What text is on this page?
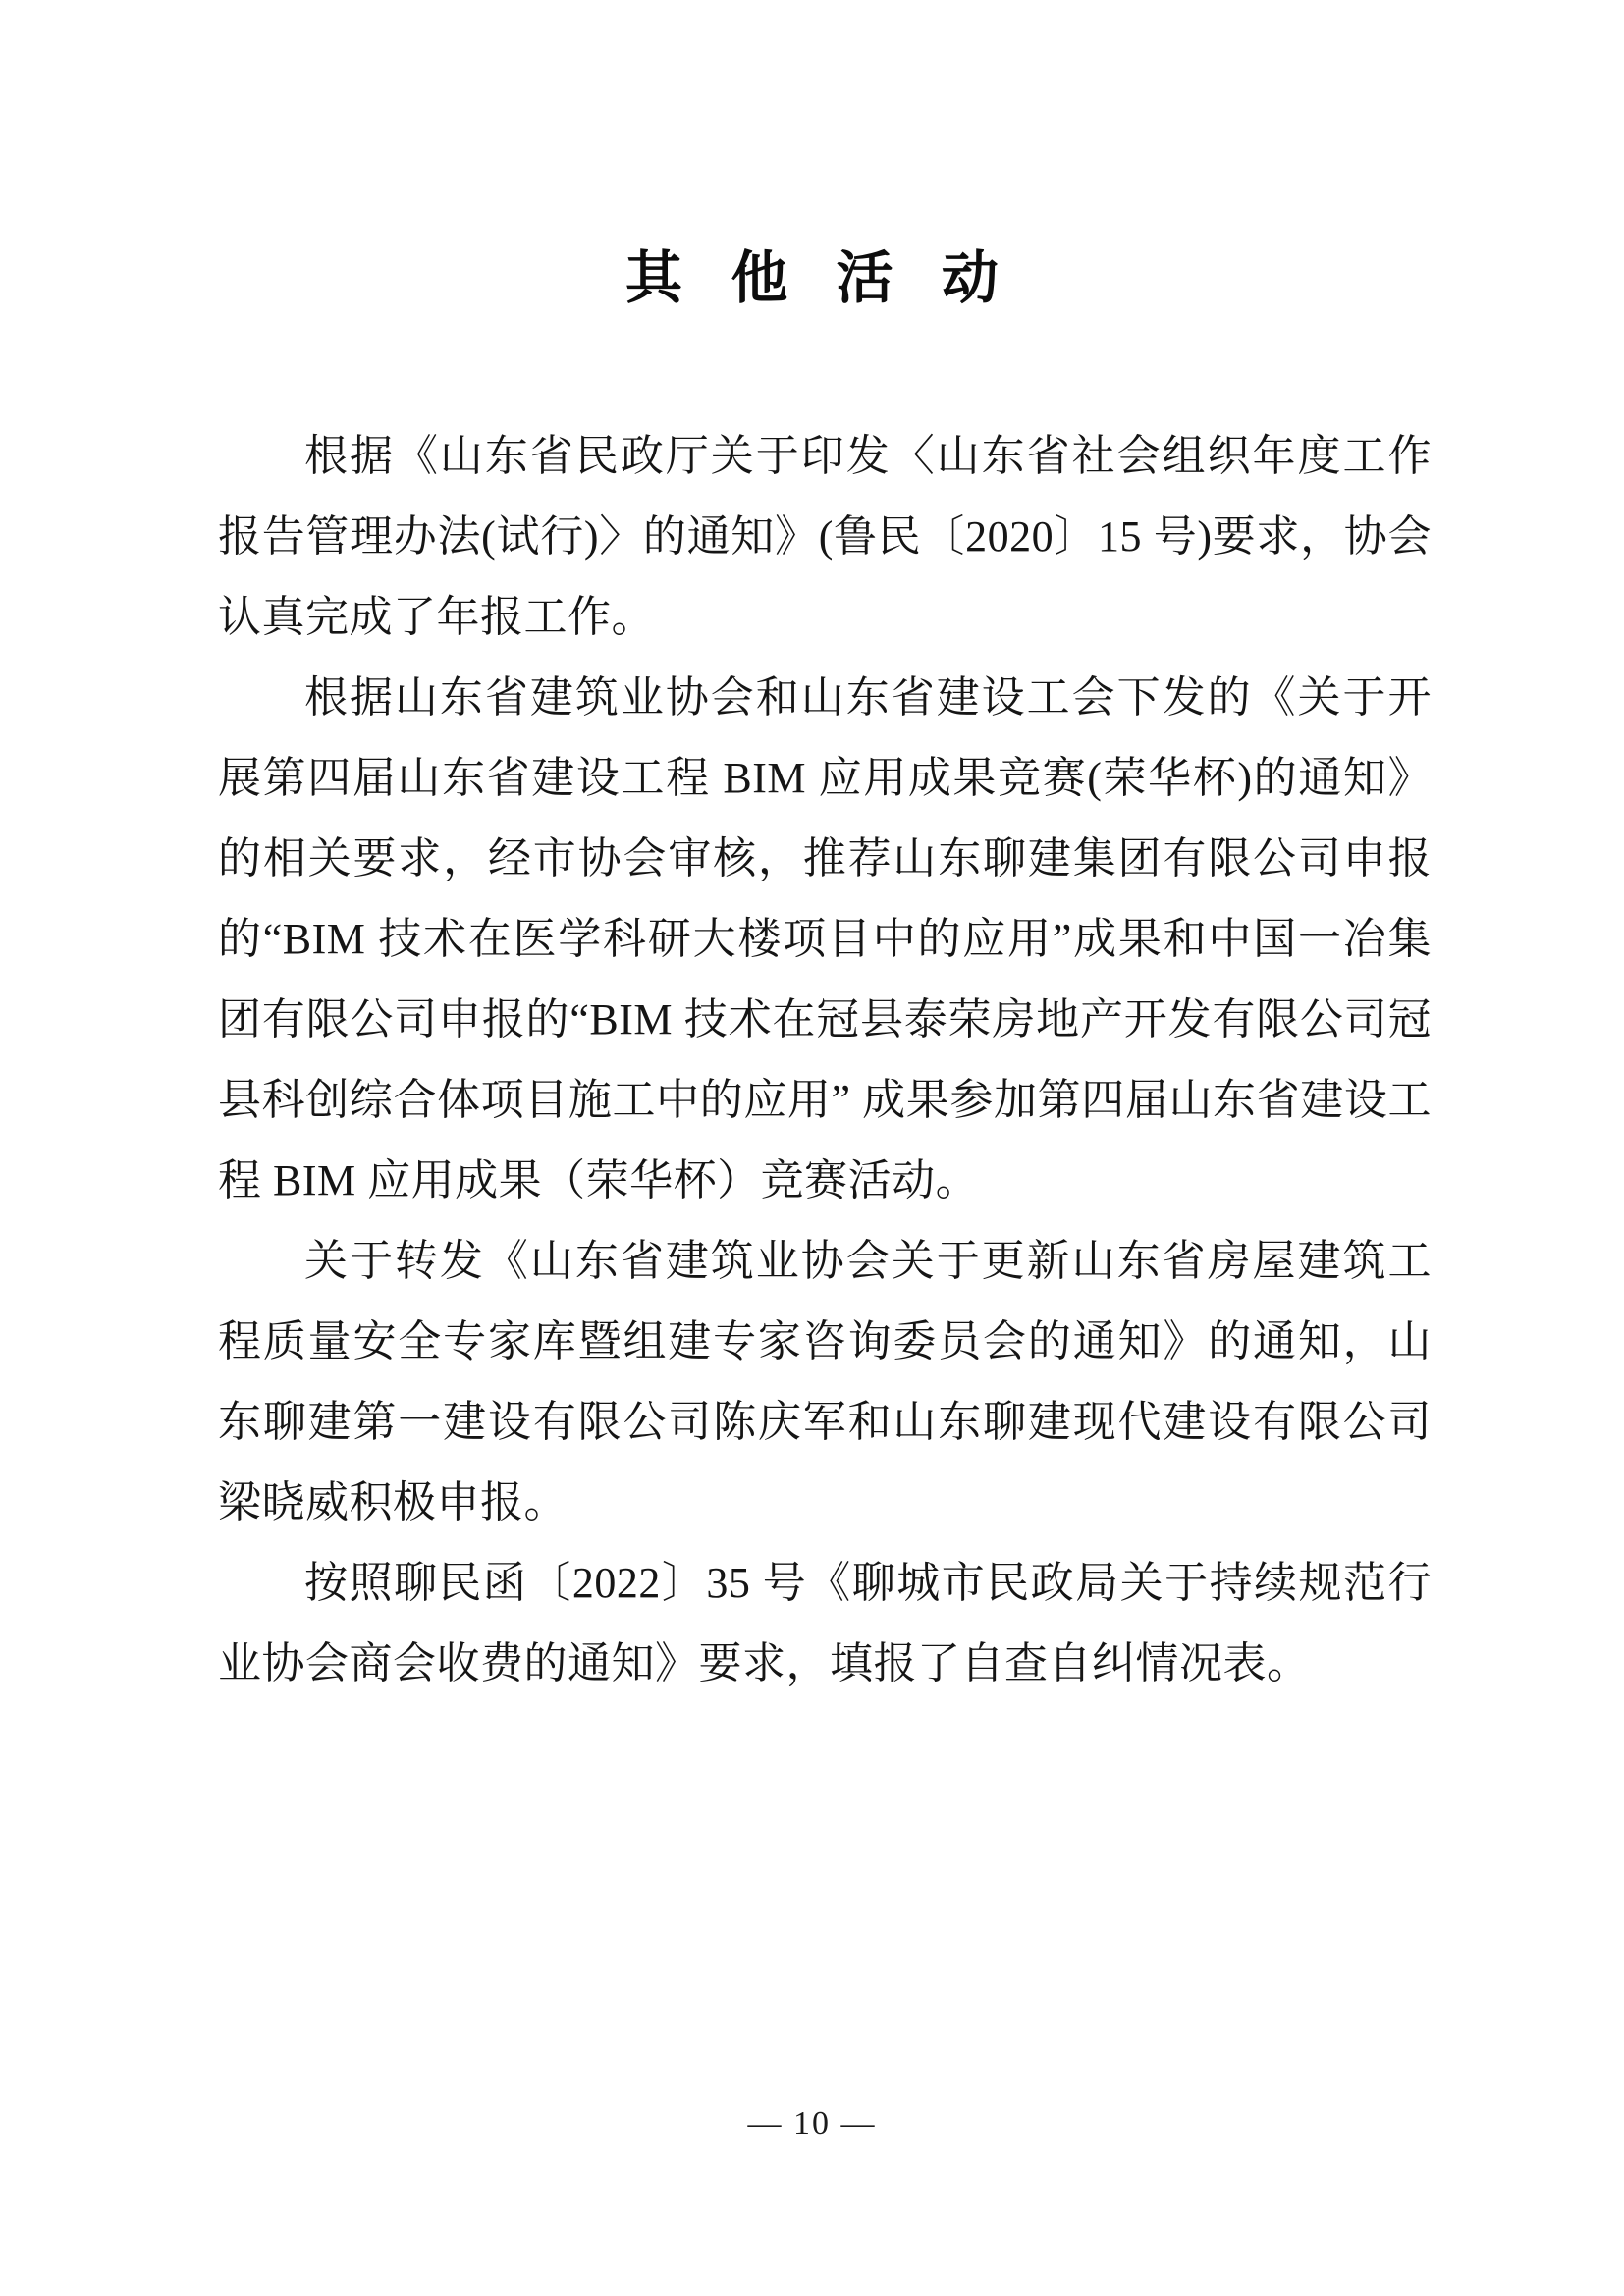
其 他 活 动

根据《山东省民政厅关于印发〈山东省社会组织年度工作报告管理办法(试行)〉的通知》(鲁民〔2020〕15 号)要求，协会认真完成了年报工作。

根据山东省建筑业协会和山东省建设工会下发的《关于开展第四届山东省建设工程 BIM 应用成果竞赛(荣华杯)的通知》的相关要求，经市协会审核，推荐山东聊建集团有限公司申报的“BIM 技术在医学科研大楼项目中的应用”成果和中国一冶集团有限公司申报的“BIM 技术在冠县泰荣房地产开发有限公司冠县科创综合体项目施工中的应用” 成果参加第四届山东省建设工程 BIM 应用成果（荣华杯）竞赛活动。

关于转发《山东省建筑业协会关于更新山东省房屋建筑工程质量安全专家库暨组建专家咨询委员会的通知》的通知，山东聊建第一建设有限公司陈庆军和山东聊建现代建设有限公司梁晓威积极申报。

按照聊民函〔2022〕35 号《聊城市民政局关于持续规范行业协会商会收费的通知》要求，填报了自查自纠情况表。

— 10 —
